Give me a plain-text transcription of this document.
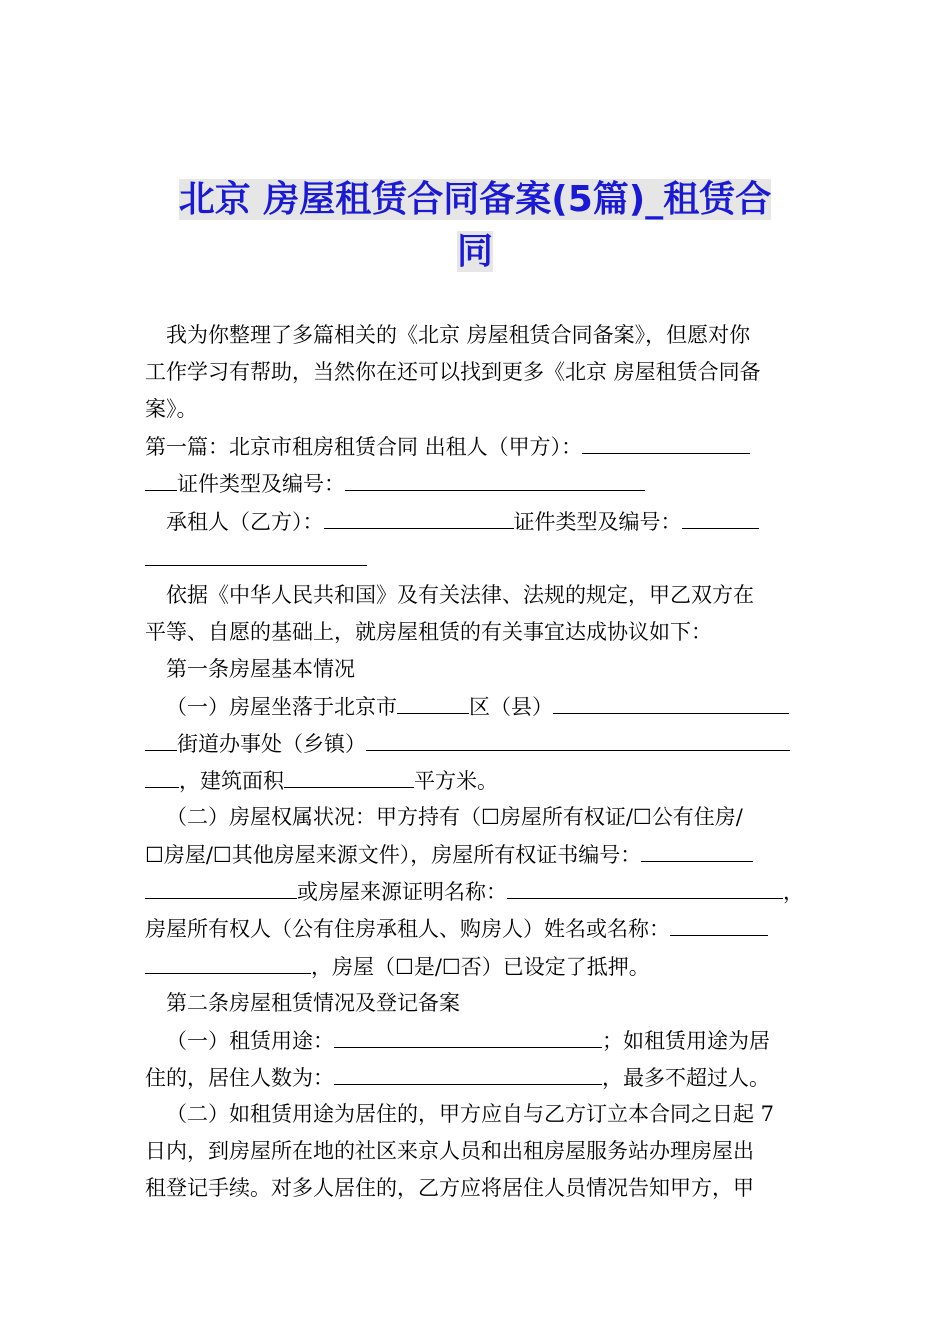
北京 房屋租赁合同备案(5篇)_租赁合
同
我为你整理了多篇相关的《北京 房屋租赁合同备案》，但愿对你
工作学习有帮助，当然你在还可以找到更多《北京 房屋租赁合同备
案》。
第一篇：北京市租房租赁合同 出租人（甲方）：
证件类型及编号：
承租人（乙方）：	证件类型及编号：
依据《中华人民共和国》及有关法律、法规的规定，甲乙双方在
平等、自愿的基础上，就房屋租赁的有关事宜达成协议如下：
第一条房屋基本情况
（一）房屋坐落于北京市	区（县）
街道办事处（乡镇）
，建筑面积	平方米。
（二）房屋权属状况：甲方持有（☐房屋所有权证/☐公有住房/
☐房屋/☐其他房屋来源文件），房屋所有权证书编号：
或房屋来源证明名称：	，
房屋所有权人（公有住房承租人、购房人）姓名或名称：
，房屋（☐是/☐否）已设定了抵押。
第二条房屋租赁情况及登记备案
（一）租赁用途：	；如租赁用途为居
住的，居住人数为：	，最多不超过人。
（二）如租赁用途为居住的，甲方应自与乙方订立本合同之日起 7
日内，到房屋所在地的社区来京人员和出租房屋服务站办理房屋出
租登记手续。对多人居住的，乙方应将居住人员情况告知甲方，甲
